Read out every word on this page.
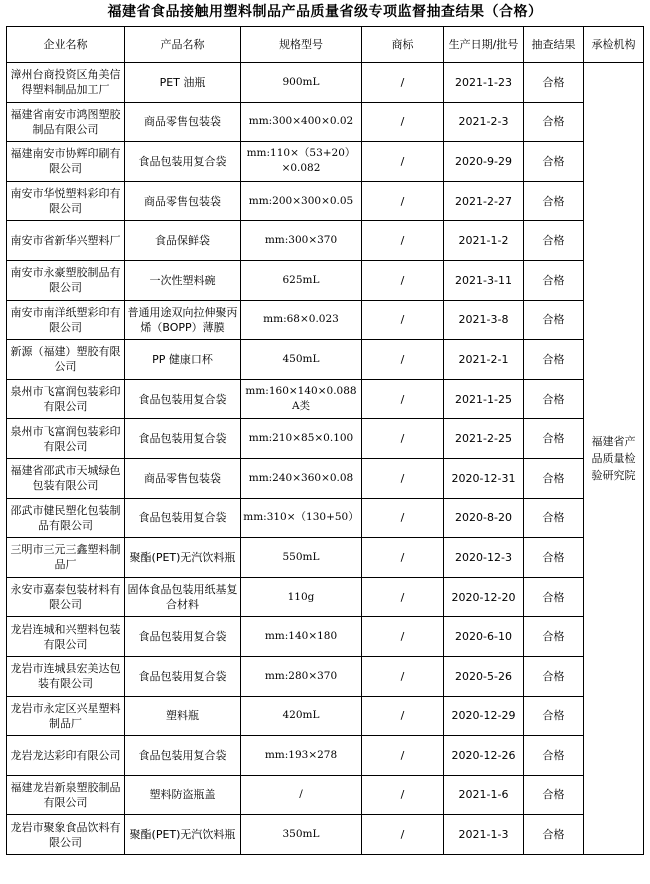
福建省食品接触用塑料制品产品质量省级专项监督抽查结果（合格）
企业名称	产品名称	规格型号	商标	生产日期/批号	抽查结果	承检机构
漳州台商投资区角美信得塑料制品加工厂	PET 油瓶	900mL	/	2021-1-23	合格	福建省产品质量检验研究院
福建省南安市鸿图塑胶制品有限公司	商品零售包装袋	mm:300×400×0.02	/	2021-2-3	合格	
福建南安市协辉印刷有限公司	食品包装用复合袋	mm:110×（53+20）×0.082	/	2020-9-29	合格	
南安市华悦塑料彩印有限公司	商品零售包装袋	mm:200×300×0.05	/	2021-2-27	合格	
南安市省新华兴塑料厂	食品保鲜袋	mm:300×370	/	2021-1-2	合格	
南安市永豪塑胶制品有限公司	一次性塑料碗	625mL	/	2021-3-11	合格	
南安市南洋纸塑彩印有限公司	普通用途双向拉伸聚丙烯（BOPP）薄膜	mm:68×0.023	/	2021-3-8	合格	
新源（福建）塑胶有限公司	PP 健康口杯	450mL	/	2021-2-1	合格	
泉州市飞富润包装彩印有限公司	食品包装用复合袋	mm:160×140×0.088 A类	/	2021-1-25	合格	
泉州市飞富润包装彩印有限公司	食品包装用复合袋	mm:210×85×0.100	/	2021-2-25	合格	
福建省邵武市天城绿色包装有限公司	商品零售包装袋	mm:240×360×0.08	/	2020-12-31	合格	
邵武市健民塑化包装制品有限公司	食品包装用复合袋	mm:310×（130+50）	/	2020-8-20	合格	
三明市三元三鑫塑料制品厂	聚酯(PET)无汽饮料瓶	550mL	/	2020-12-3	合格	
永安市嘉泰包装材料有限公司	固体食品包装用纸基复合材料	110g	/	2020-12-20	合格	
龙岩连城和兴塑料包装有限公司	食品包装用复合袋	mm:140×180	/	2020-6-10	合格	
龙岩市连城县宏美达包装有限公司	食品包装用复合袋	mm:280×370	/	2020-5-26	合格	
龙岩市永定区兴星塑料制品厂	塑料瓶	420mL	/	2020-12-29	合格	
龙岩龙达彩印有限公司	食品包装用复合袋	mm:193×278	/	2020-12-26	合格	
福建龙岩新泉塑胶制品有限公司	塑料防盗瓶盖	/	/	2021-1-6	合格	
龙岩市聚象食品饮料有限公司	聚酯(PET)无汽饮料瓶	350mL	/	2021-1-3	合格	
